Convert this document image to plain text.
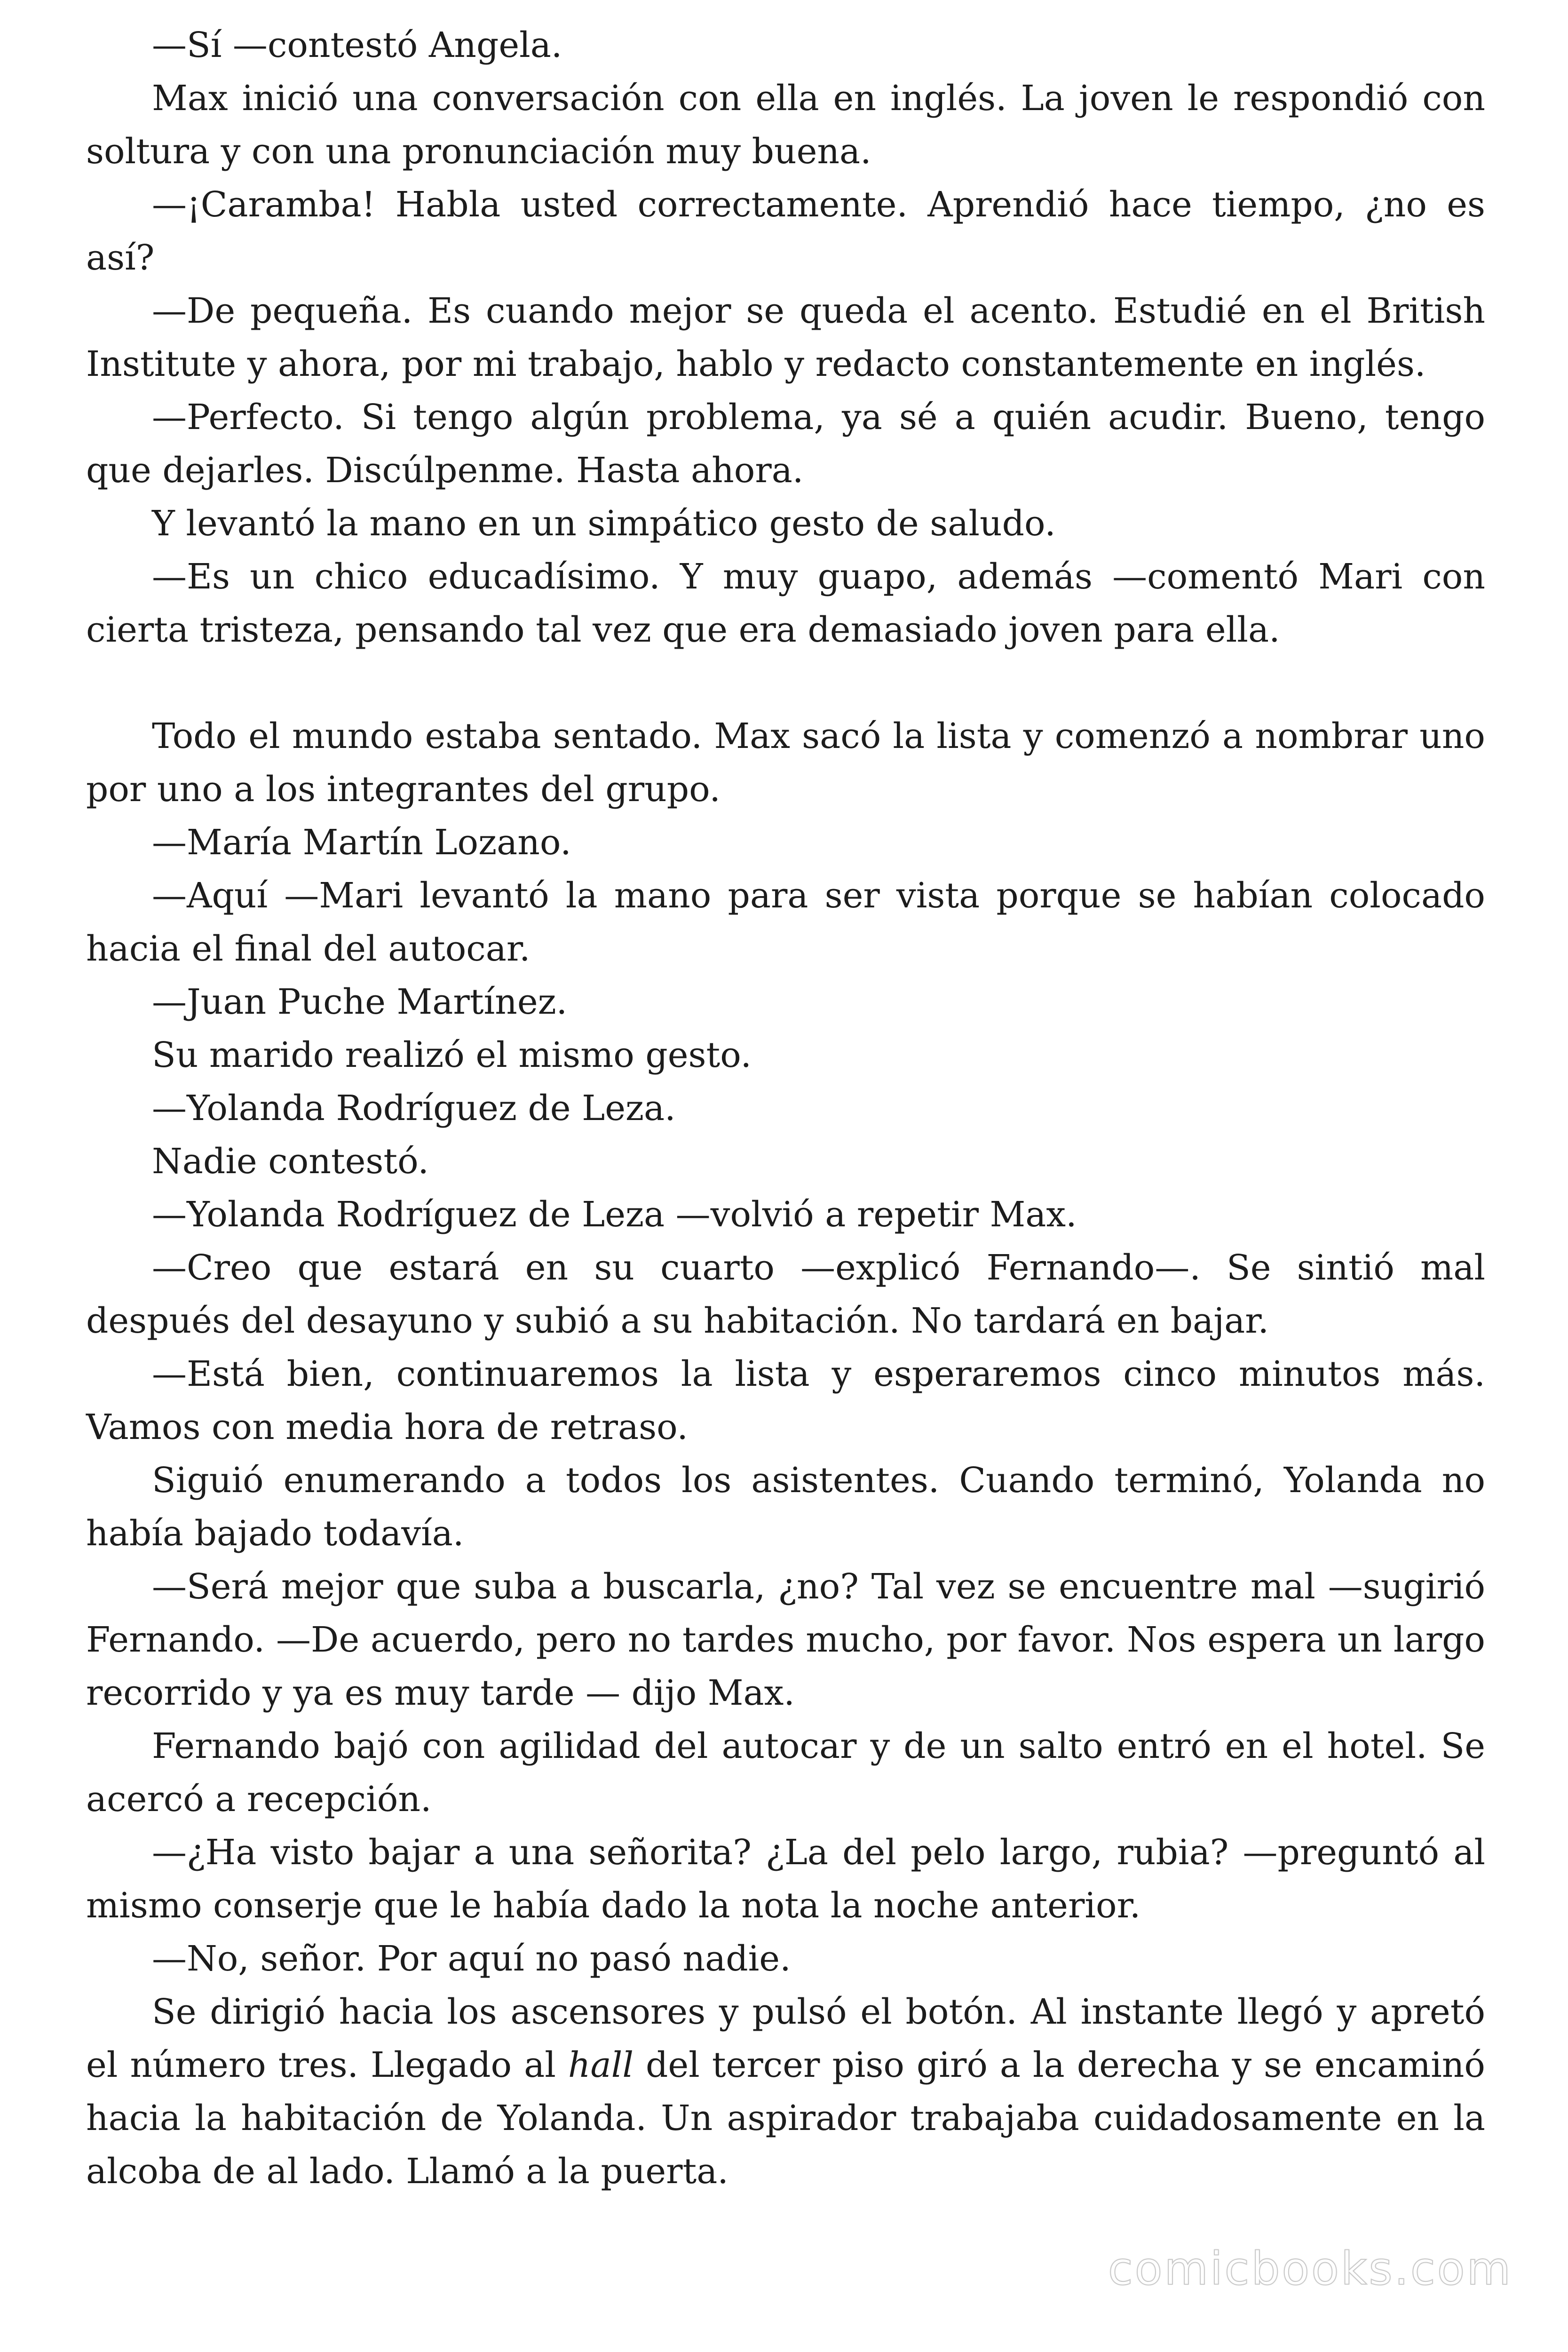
—Sí —contestó Angela.

Max inició una conversación con ella en inglés. La joven le respondió con soltura y con una pronunciación muy buena.

—¡Caramba! Habla usted correctamente. Aprendió hace tiempo, ¿no es así?

—De pequeña. Es cuando mejor se queda el acento. Estudié en el British Institute y ahora, por mi trabajo, hablo y redacto constantemente en inglés.

—Perfecto. Si tengo algún problema, ya sé a quién acudir. Bueno, tengo que dejarles. Discúlpenme. Hasta ahora.

Y levantó la mano en un simpático gesto de saludo.

—Es un chico educadísimo. Y muy guapo, además —comentó Mari con cierta tristeza, pensando tal vez que era demasiado joven para ella.

Todo el mundo estaba sentado. Max sacó la lista y comenzó a nombrar uno por uno a los integrantes del grupo.

—María Martín Lozano.

—Aquí —Mari levantó la mano para ser vista porque se habían colocado hacia el final del autocar.

—Juan Puche Martínez.

Su marido realizó el mismo gesto.

—Yolanda Rodríguez de Leza.

Nadie contestó.

—Yolanda Rodríguez de Leza —volvió a repetir Max.

—Creo que estará en su cuarto —explicó Fernando—. Se sintió mal después del desayuno y subió a su habitación. No tardará en bajar.

—Está bien, continuaremos la lista y esperaremos cinco minutos más. Vamos con media hora de retraso.

Siguió enumerando a todos los asistentes. Cuando terminó, Yolanda no había bajado todavía.

—Será mejor que suba a buscarla, ¿no? Tal vez se encuentre mal —sugirió Fernando. —De acuerdo, pero no tardes mucho, por favor. Nos espera un largo recorrido y ya es muy tarde — dijo Max.

Fernando bajó con agilidad del autocar y de un salto entró en el hotel. Se acercó a recepción.

—¿Ha visto bajar a una señorita? ¿La del pelo largo, rubia? —preguntó al mismo conserje que le había dado la nota la noche anterior.

—No, señor. Por aquí no pasó nadie.

Se dirigió hacia los ascensores y pulsó el botón. Al instante llegó y apretó el número tres. Llegado al hall del tercer piso giró a la derecha y se encaminó hacia la habitación de Yolanda. Un aspirador trabajaba cuidadosamente en la alcoba de al lado. Llamó a la puerta.

comicbooks.com
